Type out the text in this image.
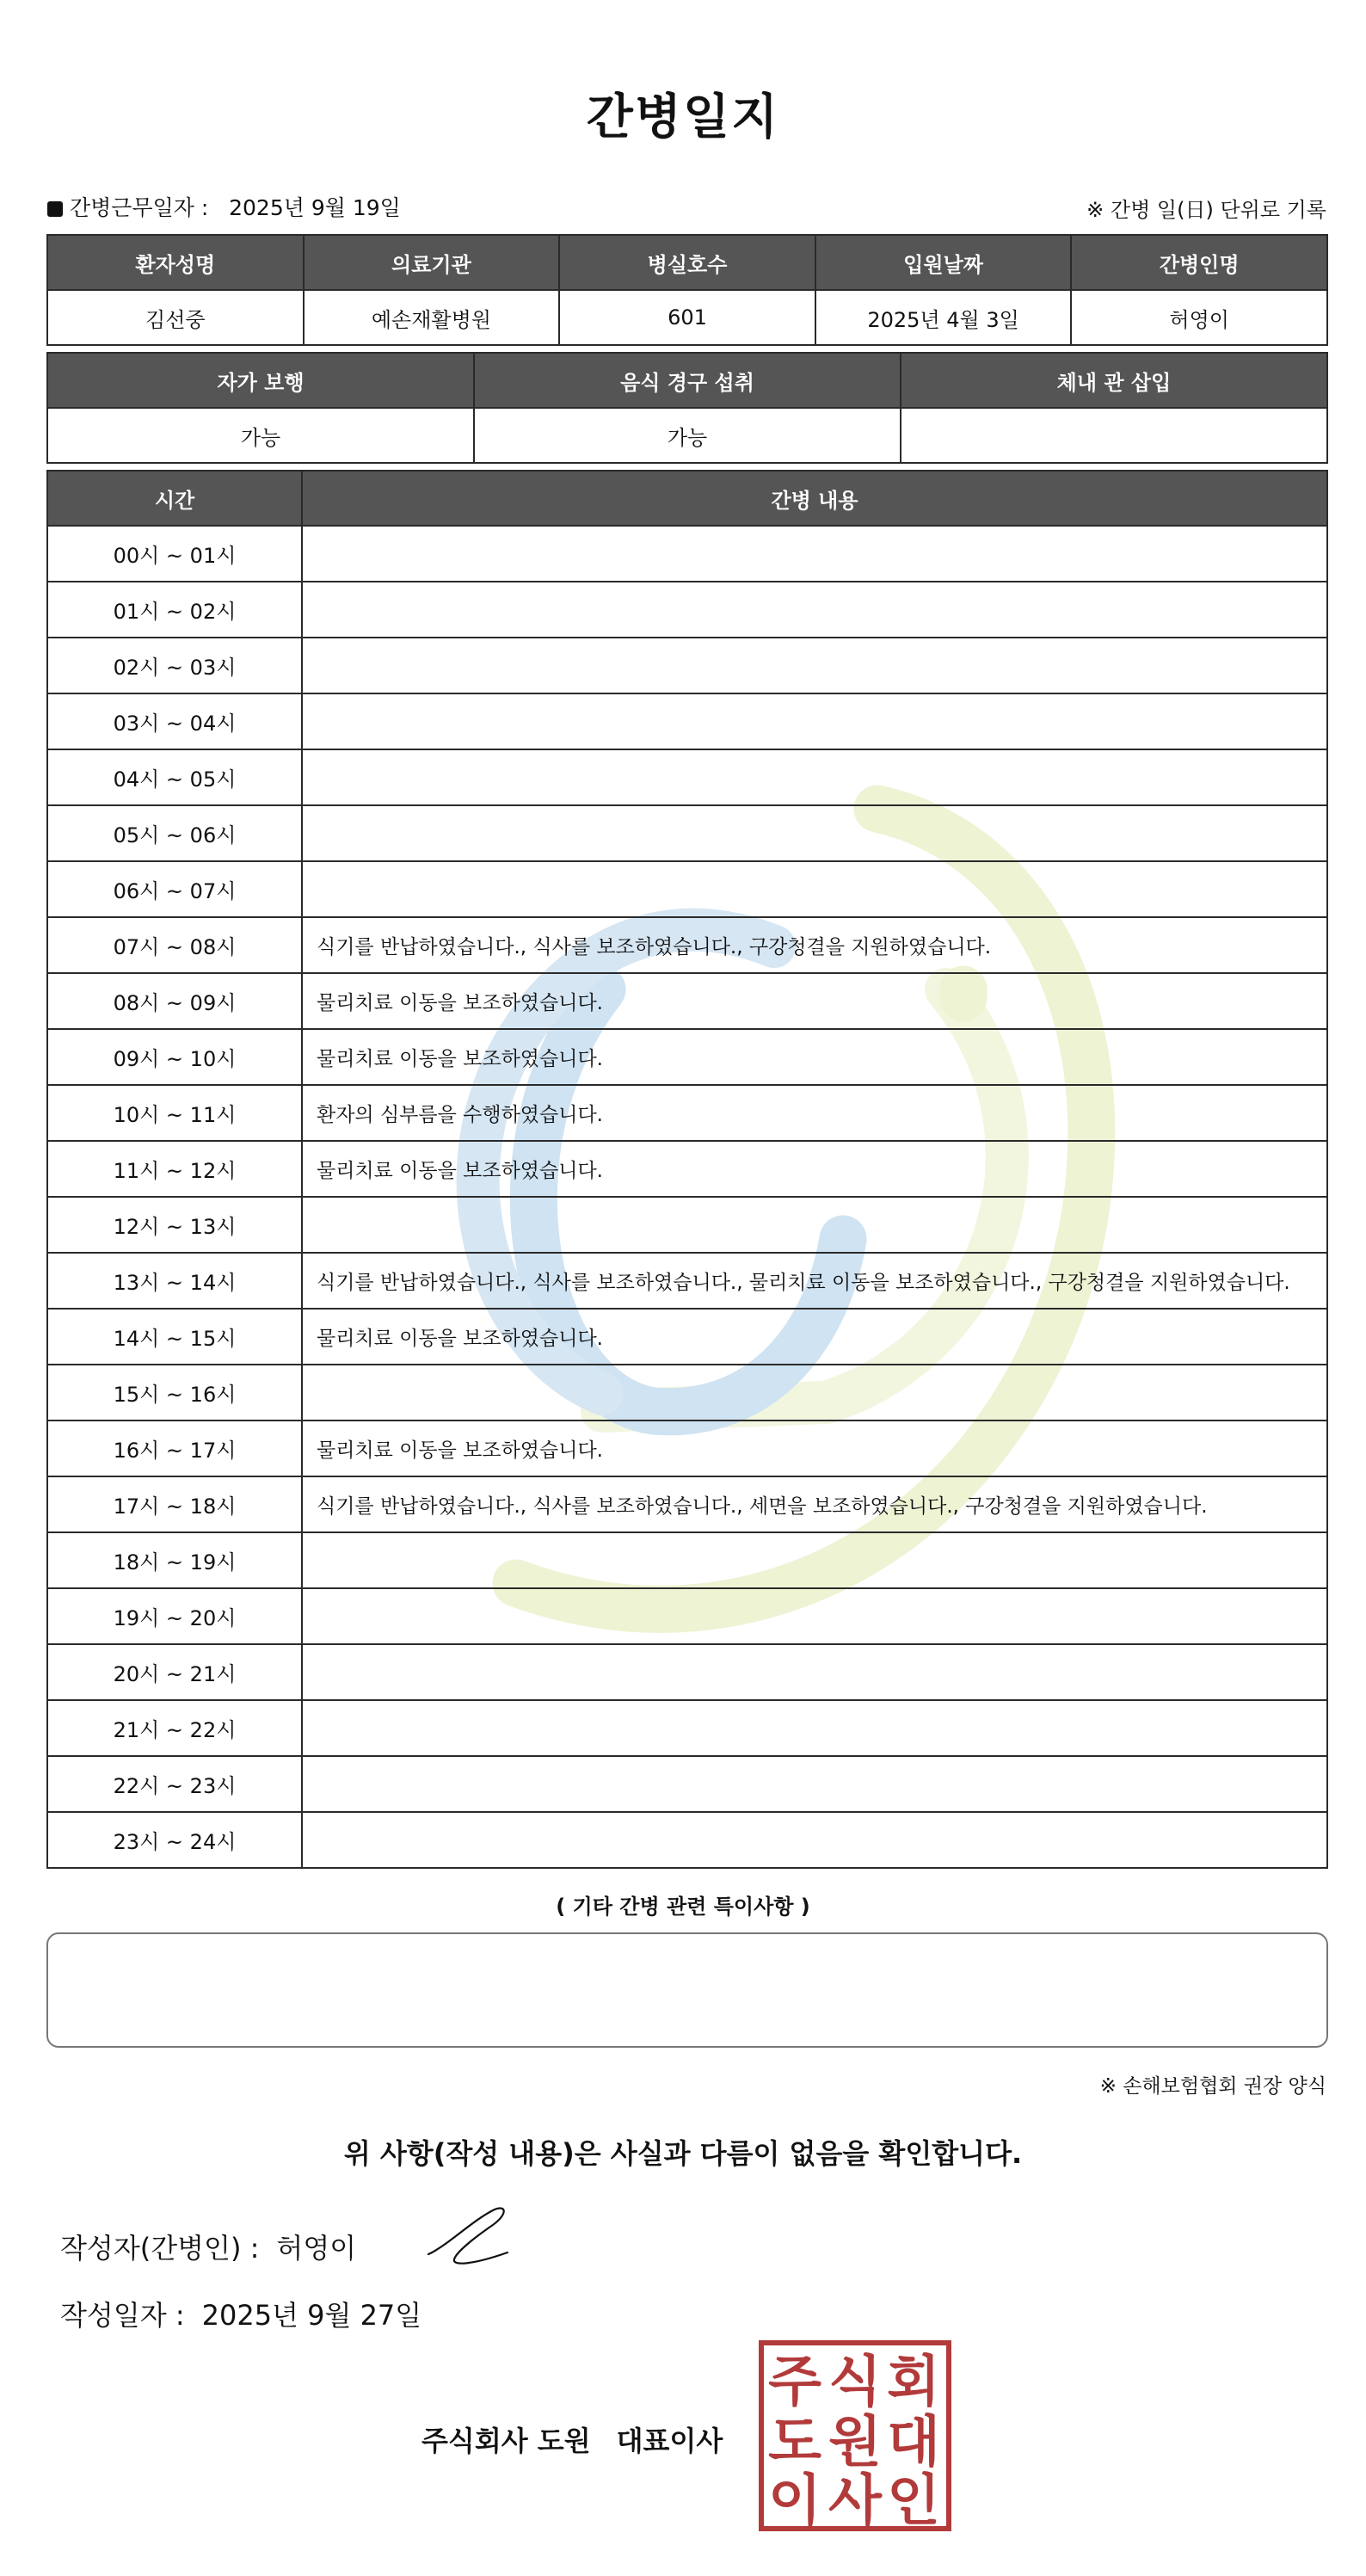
간병일지
간병근무일자 : 2025년 9월 19일	※ 간병 일(日) 단위로 기록
환자성명	의료기관	병실호수	입원날짜	간병인명
김선중	예손재활병원	601	2025년 4월 3일	허영이
자가 보행	음식 경구 섭취	체내 관 삽입
가능	가능	
시간	간병 내용
00시 ~ 01시	
01시 ~ 02시	
02시 ~ 03시	
03시 ~ 04시	
04시 ~ 05시	
05시 ~ 06시	
06시 ~ 07시	
07시 ~ 08시	식기를 반납하였습니다., 식사를 보조하였습니다., 구강청결을 지원하였습니다.
08시 ~ 09시	물리치료 이동을 보조하였습니다.
09시 ~ 10시	물리치료 이동을 보조하였습니다.
10시 ~ 11시	환자의 심부름을 수행하였습니다.
11시 ~ 12시	물리치료 이동을 보조하였습니다.
12시 ~ 13시	
13시 ~ 14시	식기를 반납하였습니다., 식사를 보조하였습니다., 물리치료 이동을 보조하였습니다., 구강청결을 지원하였습니다.
14시 ~ 15시	물리치료 이동을 보조하였습니다.
15시 ~ 16시	
16시 ~ 17시	물리치료 이동을 보조하였습니다.
17시 ~ 18시	식기를 반납하였습니다., 식사를 보조하였습니다., 세면을 보조하였습니다., 구강청결을 지원하였습니다.
18시 ~ 19시	
19시 ~ 20시	
20시 ~ 21시	
21시 ~ 22시	
22시 ~ 23시	
23시 ~ 24시	
( 기타 간병 관련 특이사항 )
※ 손해보험협회 권장 양식
위 사항(작성 내용)은 사실과 다름이 없음을 확인합니다.
작성자(간병인) : 허영이
작성일자 : 2025년 9월 27일
주식회사 도원 대표이사
주 식 회
도 원 대
이 사 인
